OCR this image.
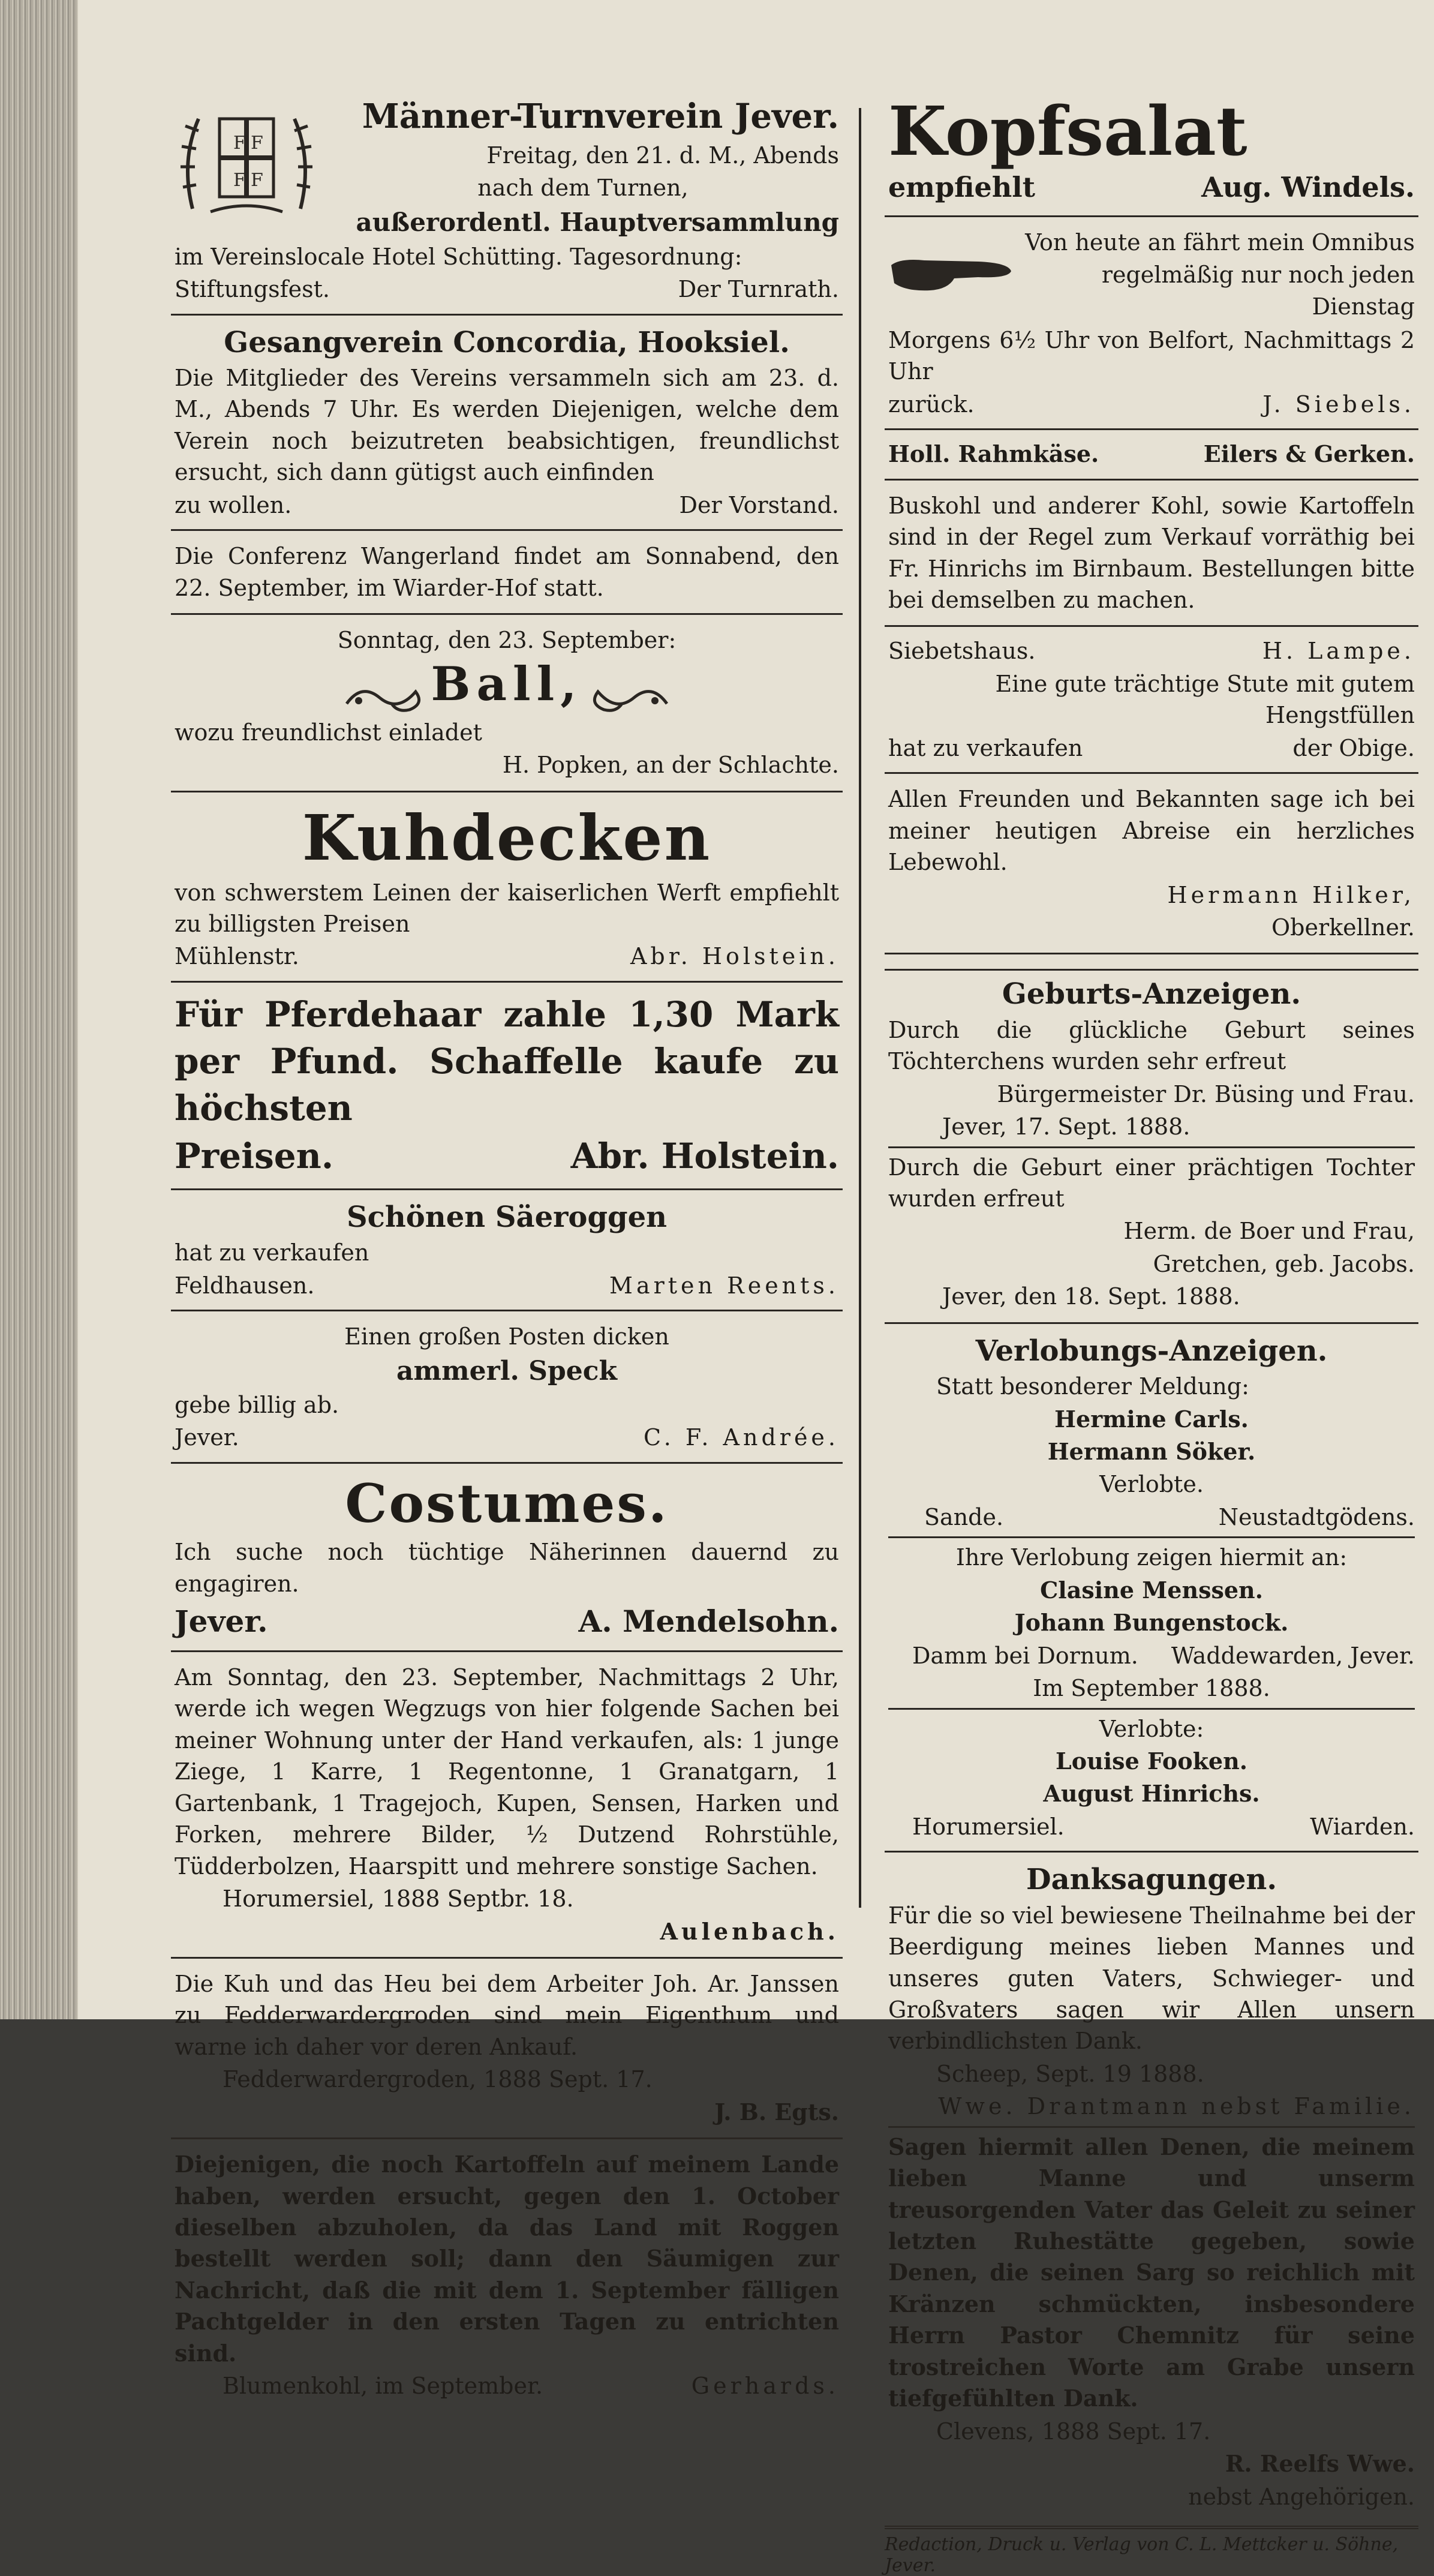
F F
F F
Männer-Turnverein Jever.

Freitag, den 21. d. M., Abends

nach dem Turnen,

außerordentl. Hauptversammlung

im Vereinslocale Hotel Schütting. Tagesordnung:

Stiftungsfest.	Der Turnrath.
Gesangverein Concordia, Hooksiel.

Die Mitglieder des Vereins versammeln sich am 23. d. M., Abends 7 Uhr. Es werden Diejenigen, welche dem Verein noch beizutreten beabsichtigen, freundlichst ersucht, sich dann gütigst auch einfinden

zu wollen.	Der Vorstand.

Die Conferenz Wangerland findet am Sonnabend, den 22. September, im Wiarder-Hof statt.

Sonntag, den 23. September:

Ball,

wozu freundlichst einladet

H. Popken, an der Schlachte.

Kuhdecken

von schwerstem Leinen der kaiserlichen Werft empfiehlt zu billigsten Preisen

Mühlenstr.	Abr. Holstein.
Für Pferdehaar zahle 1,30 Mark per Pfund. Schaffelle kaufe zu höchsten
Preisen.	Abr. Holstein.
Schönen Säeroggen

hat zu verkaufen

Feldhausen.	Marten Reents.

Einen großen Posten dicken

ammerl. Speck

gebe billig ab.

Jever.	C. F. Andrée.
Costumes.

Ich suche noch tüchtige Näherinnen dauernd zu engagiren.

Jever.	A. Mendelsohn.

Am Sonntag, den 23. September, Nachmittags 2 Uhr, werde ich wegen Wegzugs von hier folgende Sachen bei meiner Wohnung unter der Hand verkaufen, als: 1 junge Ziege, 1 Karre, 1 Regentonne, 1 Granatgarn, 1 Gartenbank, 1 Tragejoch, Kupen, Sensen, Harken und Forken, mehrere Bilder, ½ Dutzend Rohrstühle, Tüdderbolzen, Haarspitt und mehrere sonstige Sachen.

Horumersiel, 1888 Septbr. 18.

Aulenbach.

Die Kuh und das Heu bei dem Arbeiter Joh. Ar. Janssen zu Fedderwardergroden sind mein Eigenthum und warne ich daher vor deren Ankauf.

Fedderwardergroden, 1888 Sept. 17.

J. B. Egts.

Diejenigen, die noch Kartoffeln auf meinem Lande haben, werden ersucht, gegen den 1. October dieselben abzuholen, da das Land mit Roggen bestellt werden soll; dann den Säumigen zur Nachricht, daß die mit dem 1. September fälligen Pachtgelder in den ersten Tagen zu entrichten sind.

Blumenkohl, im September.	Gerhards.
Kopfsalat
empfiehlt	Aug. Windels.

Von heute an fährt mein Omnibus

regelmäßig nur noch jeden Dienstag

Morgens 6½ Uhr von Belfort, Nachmittags 2 Uhr

zurück.	J. Siebels.
Holl. Rahmkäse.	Eilers & Gerken.

Buskohl und anderer Kohl, sowie Kartoffeln sind in der Regel zum Verkauf vorräthig bei Fr. Hinrichs im Birnbaum. Bestellungen bitte bei demselben zu machen.

Siebetshaus.	H. Lampe.

Eine gute trächtige Stute mit gutem Hengstfüllen

hat zu verkaufen	der Obige.

Allen Freunden und Bekannten sage ich bei meiner heutigen Abreise ein herzliches Lebewohl.

Hermann Hilker,

Oberkellner.

Geburts-Anzeigen.

Durch die glückliche Geburt seines Töchterchens wurden sehr erfreut

Bürgermeister Dr. Büsing und Frau.

Jever, 17. Sept. 1888.

Durch die Geburt einer prächtigen Tochter wurden erfreut

Herm. de Boer und Frau,

Gretchen, geb. Jacobs.

Jever, den 18. Sept. 1888.

Verlobungs-Anzeigen.

Statt besonderer Meldung:

Hermine Carls.

Hermann Söker.

Verlobte.

Sande.	Neustadtgödens.

Ihre Verlobung zeigen hiermit an:

Clasine Menssen.

Johann Bungenstock.

Damm bei Dornum. Waddewarden, Jever.

Im September 1888.

Verlobte:

Louise Fooken.

August Hinrichs.

Horumersiel.	Wiarden.
Danksagungen.

Für die so viel bewiesene Theilnahme bei der Beerdigung meines lieben Mannes und unseres guten Vaters, Schwieger- und Großvaters sagen wir Allen unsern verbindlichsten Dank.

Scheep, Sept. 19 1888.

Wwe. Drantmann nebst Familie.

Sagen hiermit allen Denen, die meinem lieben Manne und unserm treusorgenden Vater das Geleit zu seiner letzten Ruhestätte gegeben, sowie Denen, die seinen Sarg so reichlich mit Kränzen schmückten, insbesondere Herrn Pastor Chemnitz für seine trostreichen Worte am Grabe unsern tiefgefühlten Dank.

Clevens, 1888 Sept. 17.

R. Reelfs Wwe.

nebst Angehörigen.

Redaction, Druck u. Verlag von C. L. Mettcker u. Söhne, Jever.
